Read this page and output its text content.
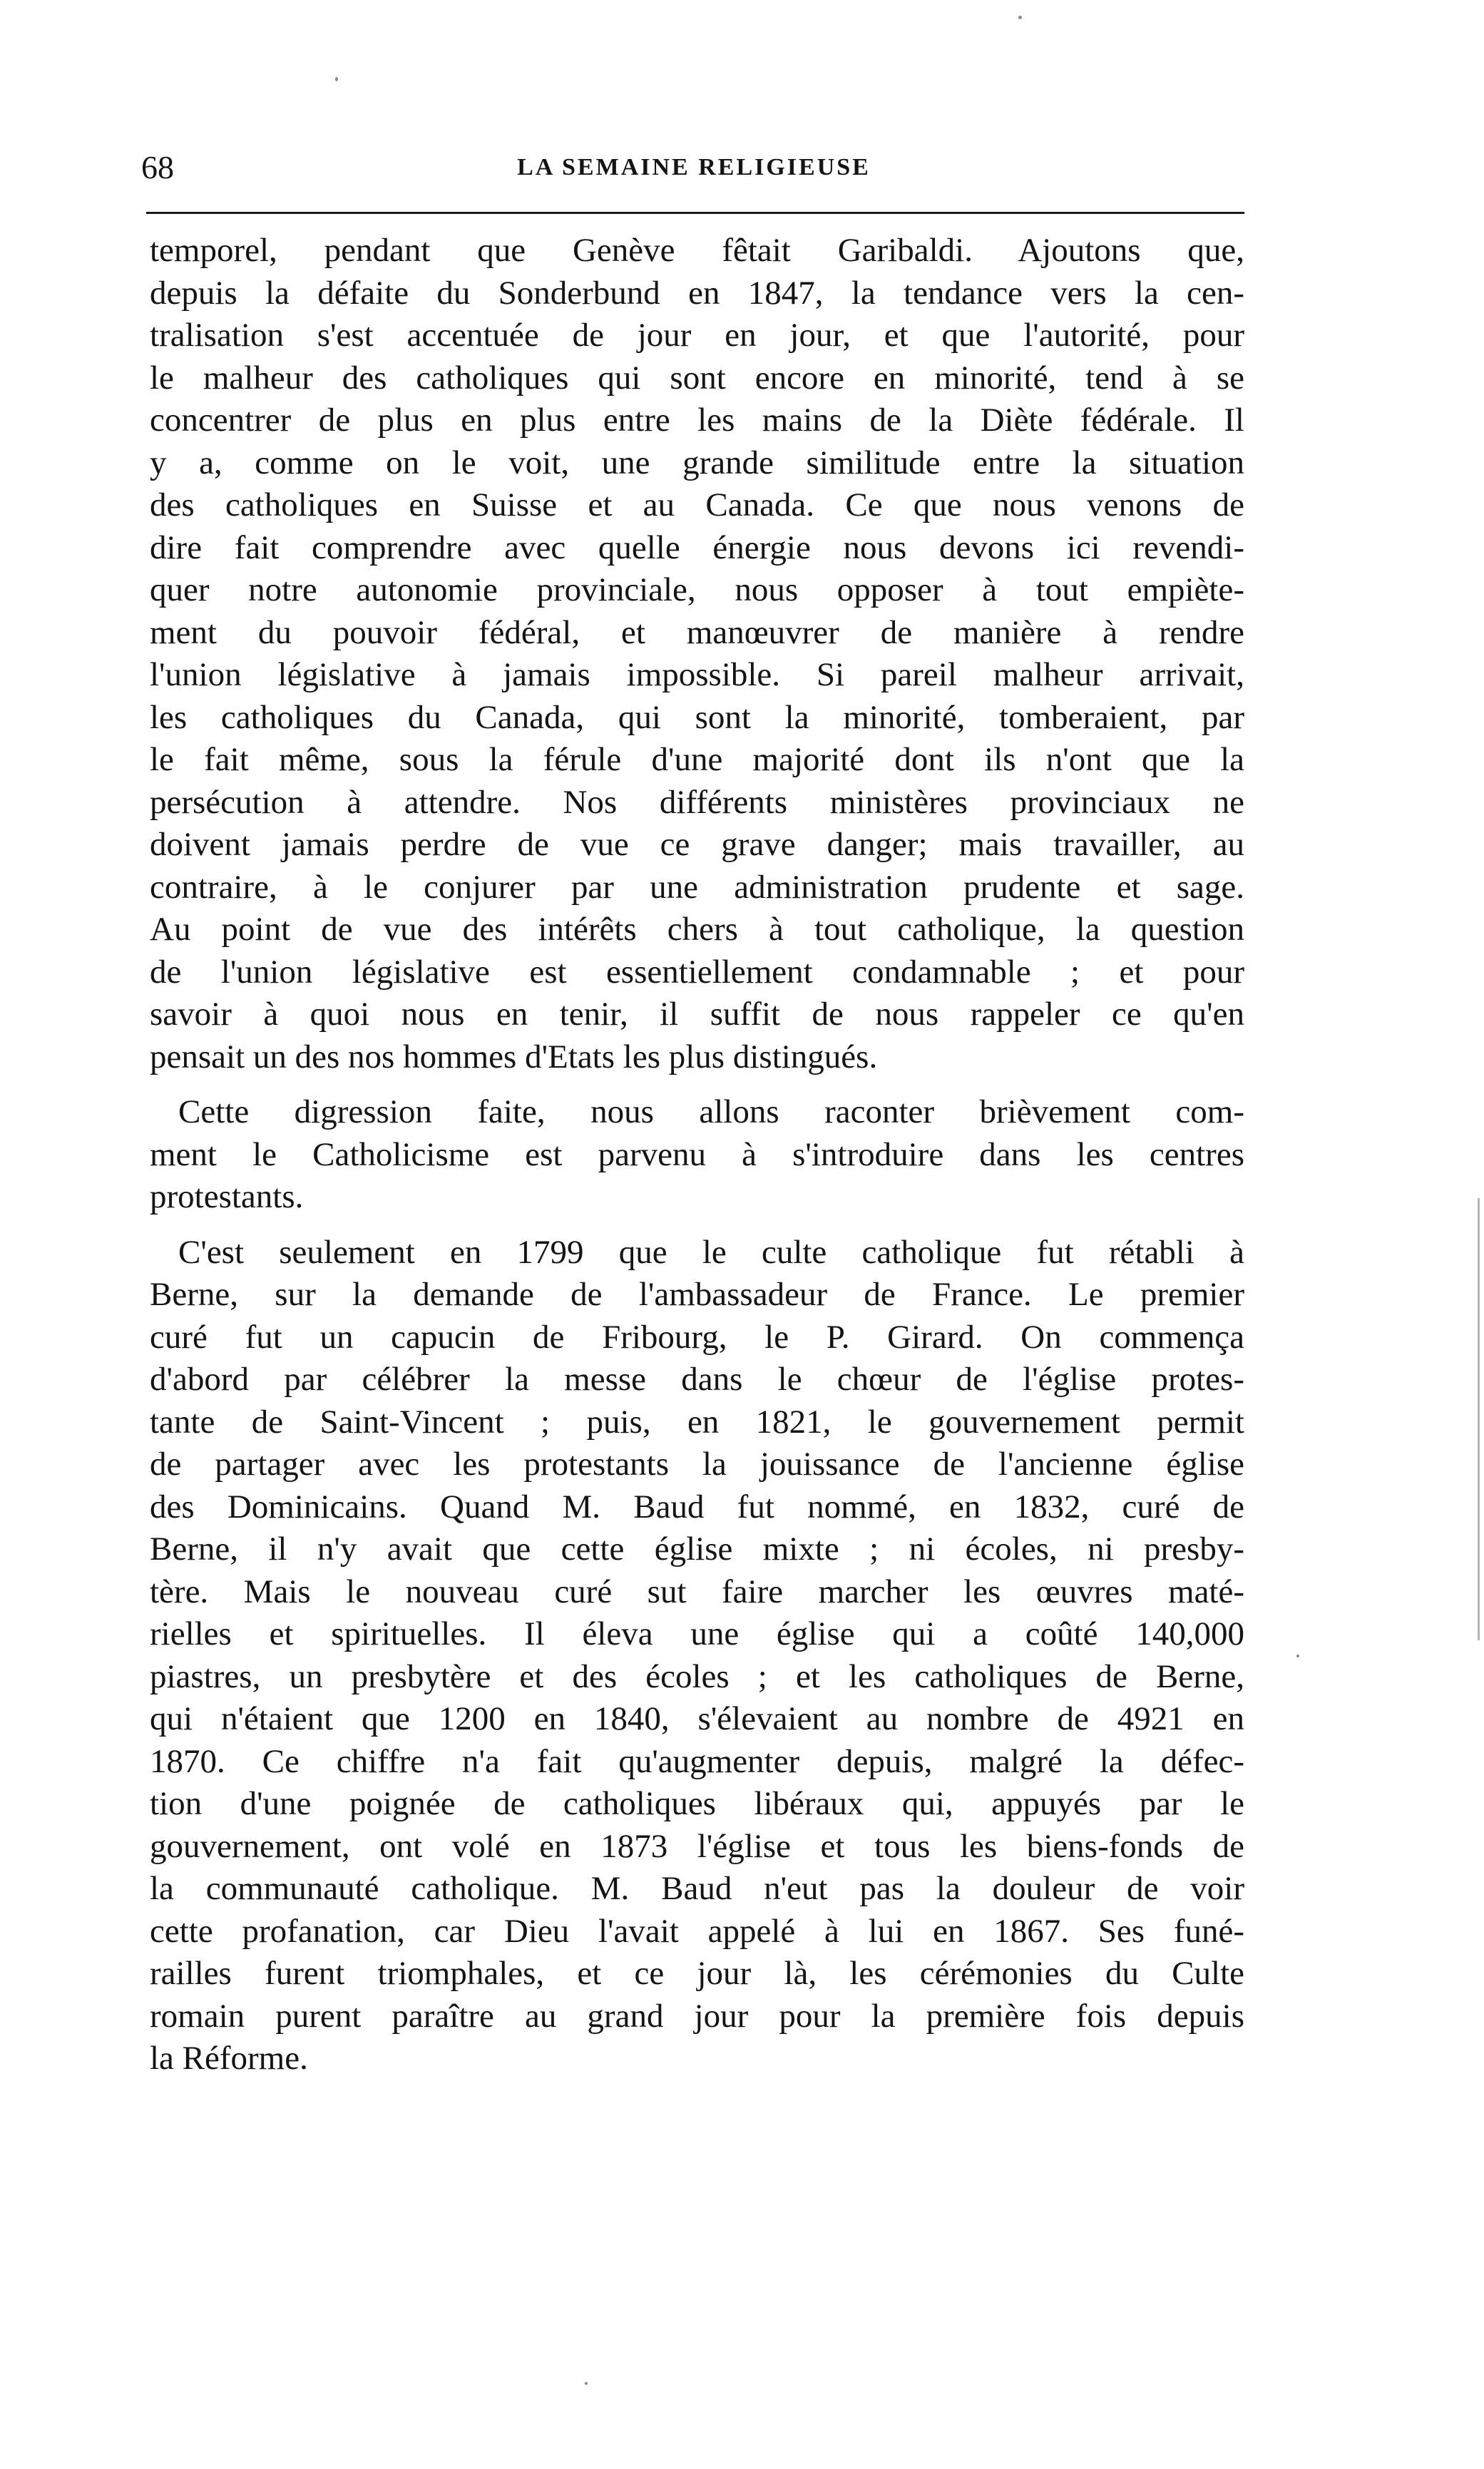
68	LA SEMAINE RELIGIEUSE
temporel, pendant que Genève fêtait Garibaldi. Ajoutons que,
depuis la défaite du Sonderbund en 1847, la tendance vers la cen-
tralisation s'est accentuée de jour en jour, et que l'autorité, pour
le malheur des catholiques qui sont encore en minorité, tend à se
concentrer de plus en plus entre les mains de la Diète fédérale. Il
y a, comme on le voit, une grande similitude entre la situation
des catholiques en Suisse et au Canada. Ce que nous venons de
dire fait comprendre avec quelle énergie nous devons ici revendi-
quer notre autonomie provinciale, nous opposer à tout empiète-
ment du pouvoir fédéral, et manœuvrer de manière à rendre
l'union législative à jamais impossible. Si pareil malheur arrivait,
les catholiques du Canada, qui sont la minorité, tomberaient, par
le fait même, sous la férule d'une majorité dont ils n'ont que la
persécution à attendre. Nos différents ministères provinciaux ne
doivent jamais perdre de vue ce grave danger; mais travailler, au
contraire, à le conjurer par une administration prudente et sage.
Au point de vue des intérêts chers à tout catholique, la question
de l'union législative est essentiellement condamnable ; et pour
savoir à quoi nous en tenir, il suffit de nous rappeler ce qu'en
pensait un des nos hommes d'Etats les plus distingués.
Cette digression faite, nous allons raconter brièvement com-
ment le Catholicisme est parvenu à s'introduire dans les centres
protestants.
C'est seulement en 1799 que le culte catholique fut rétabli à
Berne, sur la demande de l'ambassadeur de France. Le premier
curé fut un capucin de Fribourg, le P. Girard. On commença
d'abord par célébrer la messe dans le chœur de l'église protes-
tante de Saint-Vincent ; puis, en 1821, le gouvernement permit
de partager avec les protestants la jouissance de l'ancienne église
des Dominicains. Quand M. Baud fut nommé, en 1832, curé de
Berne, il n'y avait que cette église mixte ; ni écoles, ni presby-
tère. Mais le nouveau curé sut faire marcher les œuvres maté-
rielles et spirituelles. Il éleva une église qui a coûté 140,000
piastres, un presbytère et des écoles ; et les catholiques de Berne,
qui n'étaient que 1200 en 1840, s'élevaient au nombre de 4921 en
1870. Ce chiffre n'a fait qu'augmenter depuis, malgré la défec-
tion d'une poignée de catholiques libéraux qui, appuyés par le
gouvernement, ont volé en 1873 l'église et tous les biens-fonds de
la communauté catholique. M. Baud n'eut pas la douleur de voir
cette profanation, car Dieu l'avait appelé à lui en 1867. Ses funé-
railles furent triomphales, et ce jour là, les cérémonies du Culte
romain purent paraître au grand jour pour la première fois depuis
la Réforme.
